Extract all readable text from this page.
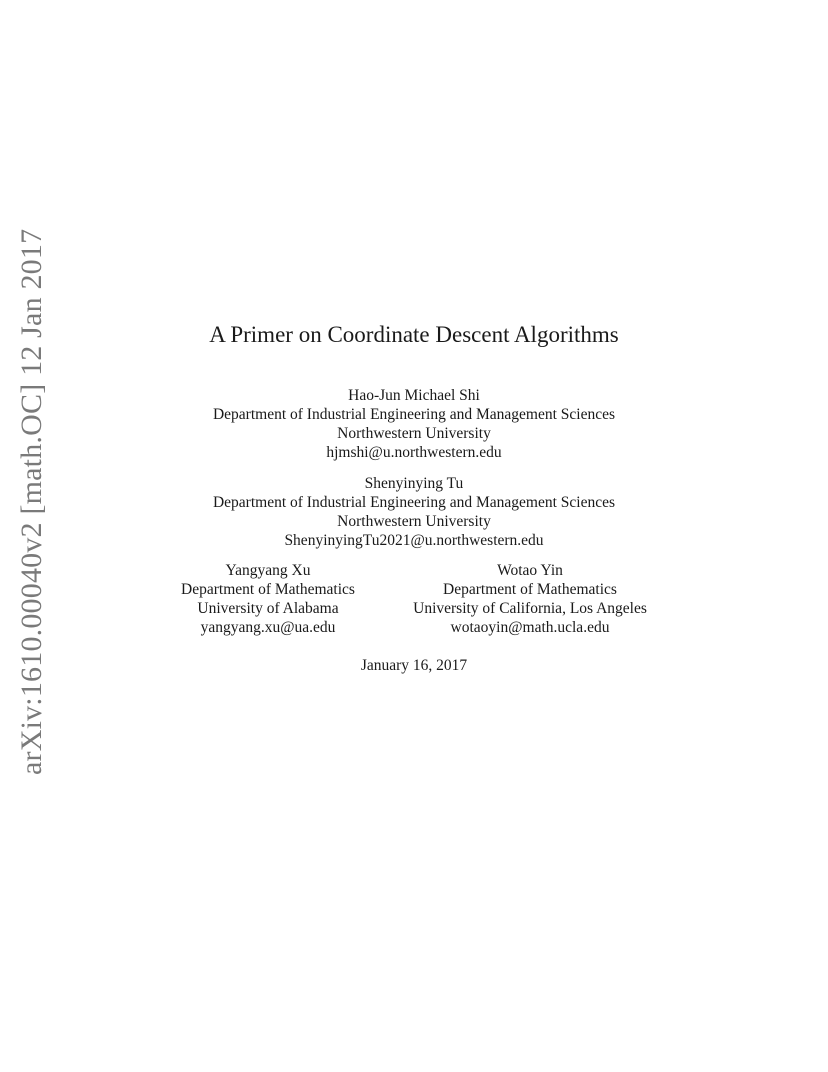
arXiv:1610.00040v2 [math.OC] 12 Jan 2017	A Primer on Coordinate Descent Algorithms
Hao-Jun Michael Shi
Department of Industrial Engineering and Management Sciences
Northwestern University
hjmshi@u.northwestern.edu
Shenyinying Tu
Department of Industrial Engineering and Management Sciences
Northwestern University
ShenyinyingTu2021@u.northwestern.edu
Yangyang Xu
Department of Mathematics
University of Alabama
yangyang.xu@ua.edu
Wotao Yin
Department of Mathematics
University of California, Los Angeles
wotaoyin@math.ucla.edu
January 16, 2017
